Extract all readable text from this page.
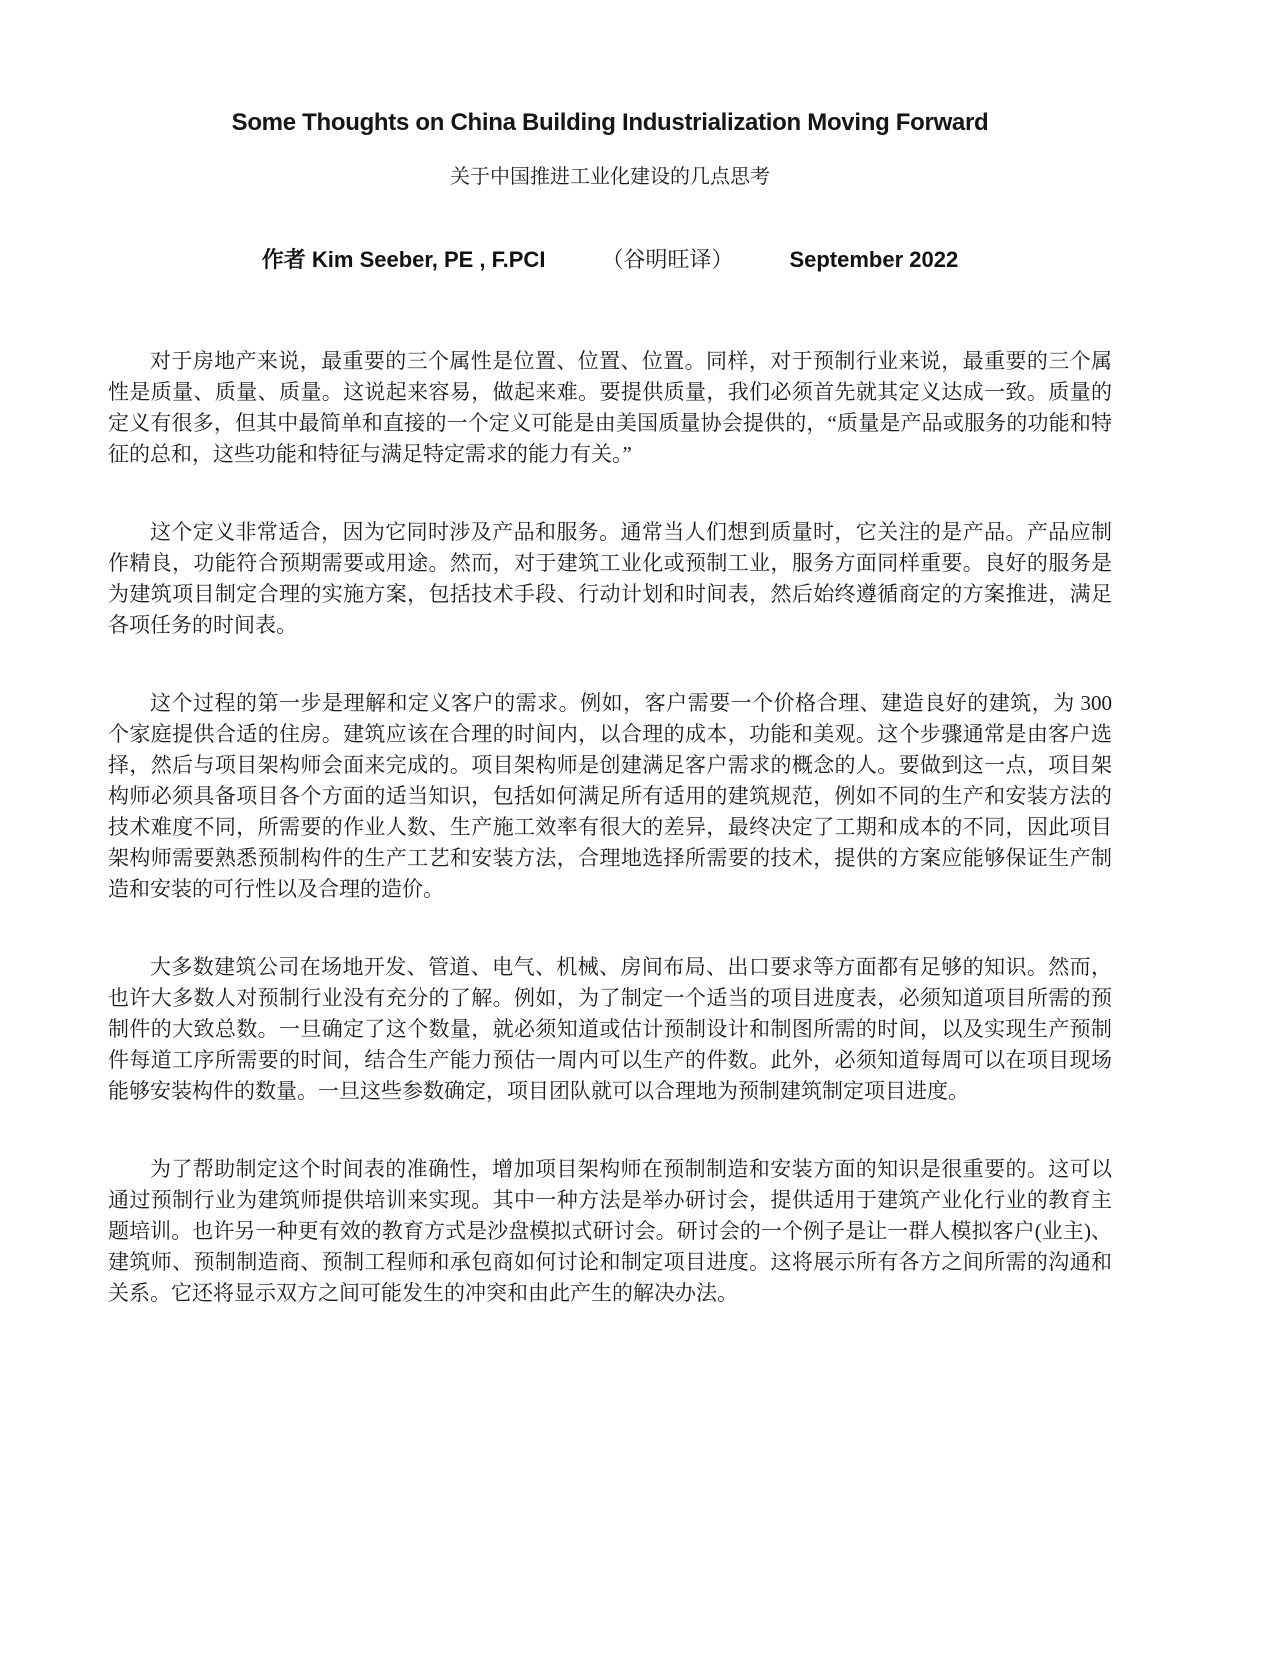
Some Thoughts on China Building Industrialization Moving Forward
关于中国推进工业化建设的几点思考
作者 Kim Seeber, PE , F.PCI	（谷明旺译）	September 2022

对于房地产来说，最重要的三个属性是位置、位置、位置。同样，对于预制行业来说，最重要的三个属性是质量、质量、质量。这说起来容易，做起来难。要提供质量，我们必须首先就其定义达成一致。质量的定义有很多，但其中最简单和直接的一个定义可能是由美国质量协会提供的，“质量是产品或服务的功能和特征的总和，这些功能和特征与满足特定需求的能力有关。”

这个定义非常适合，因为它同时涉及产品和服务。通常当人们想到质量时，它关注的是产品。产品应制作精良，功能符合预期需要或用途。然而，对于建筑工业化或预制工业，服务方面同样重要。良好的服务是为建筑项目制定合理的实施方案，包括技术手段、行动计划和时间表，然后始终遵循商定的方案推进，满足各项任务的时间表。

这个过程的第一步是理解和定义客户的需求。例如，客户需要一个价格合理、建造良好的建筑，为 300 个家庭提供合适的住房。建筑应该在合理的时间内，以合理的成本，功能和美观。这个步骤通常是由客户选择，然后与项目架构师会面来完成的。项目架构师是创建满足客户需求的概念的人。要做到这一点，项目架构师必须具备项目各个方面的适当知识，包括如何满足所有适用的建筑规范，例如不同的生产和安装方法的技术难度不同，所需要的作业人数、生产施工效率有很大的差异，最终决定了工期和成本的不同，因此项目架构师需要熟悉预制构件的生产工艺和安装方法，合理地选择所需要的技术，提供的方案应能够保证生产制造和安装的可行性以及合理的造价。

大多数建筑公司在场地开发、管道、电气、机械、房间布局、出口要求等方面都有足够的知识。然而，也许大多数人对预制行业没有充分的了解。例如，为了制定一个适当的项目进度表，必须知道项目所需的预制件的大致总数。一旦确定了这个数量，就必须知道或估计预制设计和制图所需的时间，以及实现生产预制件每道工序所需要的时间，结合生产能力预估一周内可以生产的件数。此外，必须知道每周可以在项目现场能够安装构件的数量。一旦这些参数确定，项目团队就可以合理地为预制建筑制定项目进度。

为了帮助制定这个时间表的准确性，增加项目架构师在预制制造和安装方面的知识是很重要的。这可以通过预制行业为建筑师提供培训来实现。其中一种方法是举办研讨会，提供适用于建筑产业化行业的教育主题培训。也许另一种更有效的教育方式是沙盘模拟式研讨会。研讨会的一个例子是让一群人模拟客户(业主)、建筑师、预制制造商、预制工程师和承包商如何讨论和制定项目进度。这将展示所有各方之间所需的沟通和关系。它还将显示双方之间可能发生的冲突和由此产生的解决办法。
